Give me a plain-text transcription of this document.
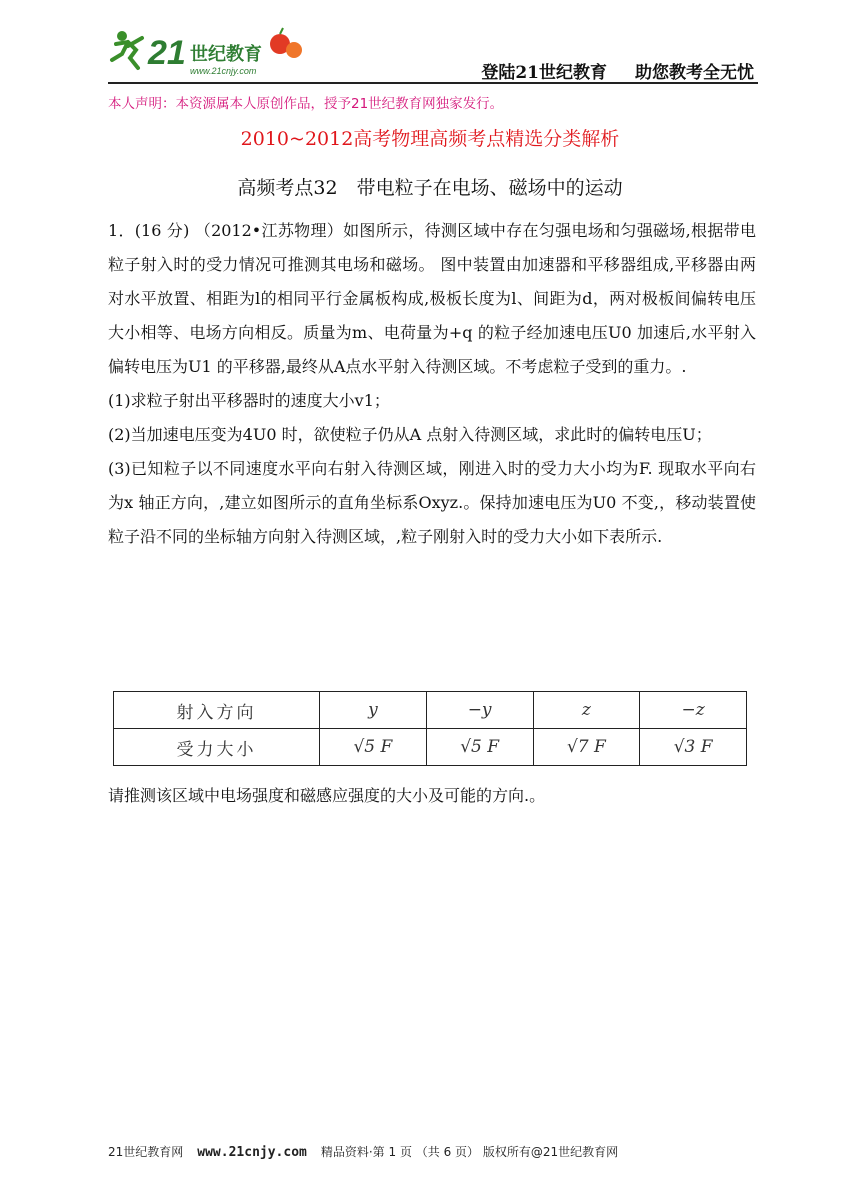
21 世纪教育
www.21cnjy.com	登陆21世纪教育 助您教考全无忧
本人声明：本资源属本人原创作品，授予21世纪教育网独家发行。
2010~2012高考物理高频考点精选分类解析
高频考点32　带电粒子在电场、磁场中的运动

1．(16 分) （2012•江苏物理）如图所示，待测区域中存在匀强电场和匀强磁场,根据带电粒子射入时的受力情况可推测其电场和磁场。 图中装置由加速器和平移器组成,平移器由两对水平放置、相距为l的相同平行金属板构成,极板长度为l、间距为d，两对极板间偏转电压大小相等、电场方向相反。质量为m、电荷量为+q 的粒子经加速电压U0 加速后,水平射入偏转电压为U1 的平移器,最终从A点水平射入待测区域。不考虑粒子受到的重力。.

(1)求粒子射出平移器时的速度大小v1；

(2)当加速电压变为4U0 时，欲使粒子仍从A 点射入待测区域，求此时的偏转电压U；

(3)已知粒子以不同速度水平向右射入待测区域，刚进入时的受力大小均为F. 现取水平向右为x 轴正方向，,建立如图所示的直角坐标系Oxyz.。保持加速电压为U0 不变,，移动装置使粒子沿不同的坐标轴方向射入待测区域，,粒子刚射入时的受力大小如下表所示.

射入方向	y	−y	z	−z
受力大小	√5 F	√5 F	√7 F	√3 F
请推测该区域中电场强度和磁感应强度的大小及可能的方向.。
21世纪教育网 www.21cnjy.com 精品资料·第 1 页 （共 6 页） 版权所有@21世纪教育网
